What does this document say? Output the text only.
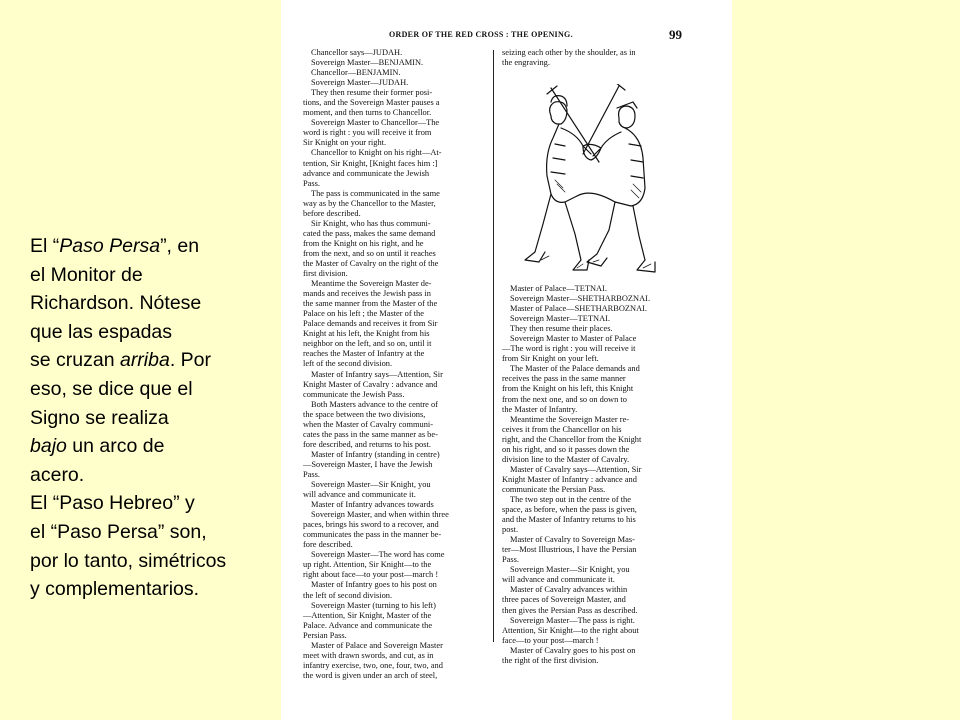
El “Paso Persa”, en
el Monitor de
Richardson. Nótese
que las espadas
se cruzan arriba. Por
eso, se dice que el
Signo se realiza
bajo un arco de
acero.
El “Paso Hebreo” y
el “Paso Persa” son,
por lo tanto, simétricos
y complementarios.
ORDER OF THE RED CROSS : THE OPENING.	99
Chancellor says—JUDAH.
Sovereign Master—BENJAMIN.
Chancellor—BENJAMIN.
Sovereign Master—JUDAH.
They then resume their former posi-
tions, and the Sovereign Master pauses a
moment, and then turns to Chancellor.
Sovereign Master to Chancellor—The
word is right : you will receive it from
Sir Knight on your right.
Chancellor to Knight on his right—At-
tention, Sir Knight, [Knight faces him :]
advance and communicate the Jewish
Pass.
The pass is communicated in the same
way as by the Chancellor to the Master,
before described.
Sir Knight, who has thus communi-
cated the pass, makes the same demand
from the Knight on his right, and he
from the next, and so on until it reaches
the Master of Cavalry on the right of the
first division.
Meantime the Sovereign Master de-
mands and receives the Jewish pass in
the same manner from the Master of the
Palace on his left ; the Master of the
Palace demands and receives it from Sir
Knight at his left, the Knight from his
neighbor on the left, and so on, until it
reaches the Master of Infantry at the
left of the second division.
Master of Infantry says—Attention, Sir
Knight Master of Cavalry : advance and
communicate the Jewish Pass.
Both Masters advance to the centre of
the space between the two divisions,
when the Master of Cavalry communi-
cates the pass in the same manner as be-
fore described, and returns to his post.
Master of Infantry (standing in centre)
—Sovereign Master, I have the Jewish
Pass.
Sovereign Master—Sir Knight, you
will advance and communicate it.
Master of Infantry advances towards
Sovereign Master, and when within three
paces, brings his sword to a recover, and
communicates the pass in the manner be-
fore described.
Sovereign Master—The word has come
up right. Attention, Sir Knight—to the
right about face—to your post—march !
Master of Infantry goes to his post on
the left of second division.
Sovereign Master (turning to his left)
—Attention, Sir Knight, Master of the
Palace. Advance and communicate the
Persian Pass.
Master of Palace and Sovereign Master
meet with drawn swords, and cut, as in
infantry exercise, two, one, four, two, and
the word is given under an arch of steel,
seizing each other by the shoulder, as in
the engraving.
Master of Palace—TETNAI.
Sovereign Master—SHETHARBOZNAI.
Master of Palace—SHETHARBOZNAI.
Sovereign Master—TETNAI.
They then resume their places.
Sovereign Master to Master of Palace
—The word is right : you will receive it
from Sir Knight on your left.
The Master of the Palace demands and
receives the pass in the same manner
from the Knight on his left, this Knight
from the next one, and so on down to
the Master of Infantry.
Meantime the Sovereign Master re-
ceives it from the Chancellor on his
right, and the Chancellor from the Knight
on his right, and so it passes down the
division line to the Master of Cavalry.
Master of Cavalry says—Attention, Sir
Knight Master of Infantry : advance and
communicate the Persian Pass.
The two step out in the centre of the
space, as before, when the pass is given,
and the Master of Infantry returns to his
post.
Master of Cavalry to Sovereign Mas-
ter—Most Illustrious, I have the Persian
Pass.
Sovereign Master—Sir Knight, you
will advance and communicate it.
Master of Cavalry advances within
three paces of Sovereign Master, and
then gives the Persian Pass as described.
Sovereign Master—The pass is right.
Attention, Sir Knight—to the right about
face—to your post—march !
Master of Cavalry goes to his post on
the right of the first division.
